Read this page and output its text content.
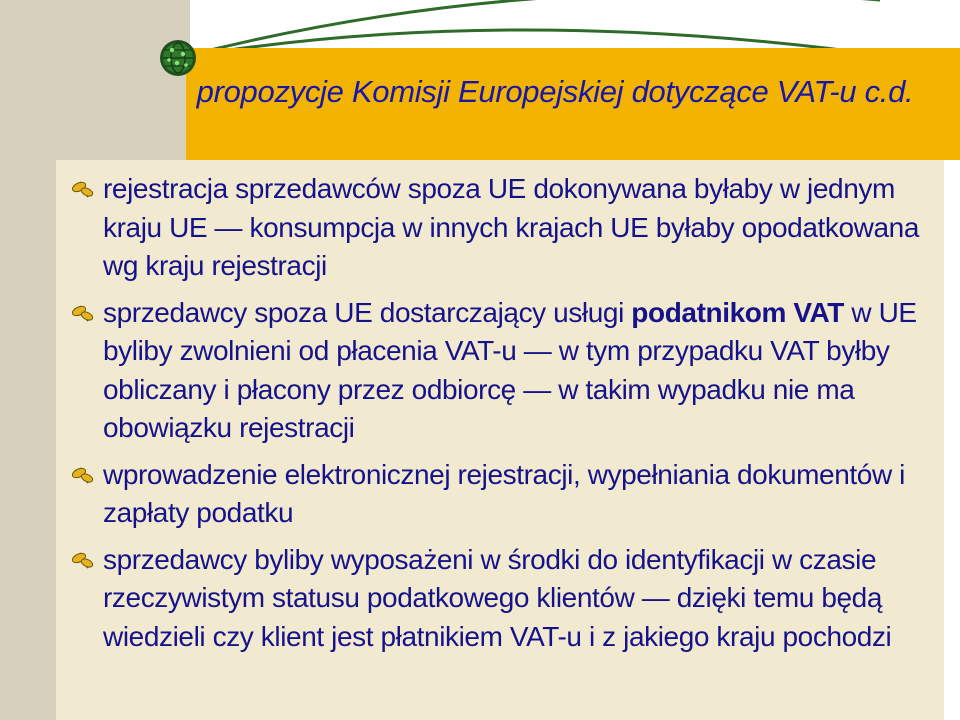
propozycje Komisji Europejskiej dotyczące VAT-u c.d.
rejestracja sprzedawców spoza UE dokonywana byłaby w jednym kraju UE — konsumpcja w innych krajach UE byłaby opodatkowana wg kraju rejestracji
sprzedawcy spoza UE dostarczający usługi podatnikom VAT w UE byliby zwolnieni od płacenia VAT-u — w tym przypadku VAT byłby obliczany i płacony przez odbiorcę — w takim wypadku nie ma obowiązku rejestracji
wprowadzenie elektronicznej rejestracji, wypełniania dokumentów i zapłaty podatku
sprzedawcy byliby wyposażeni w środki do identyfikacji w czasie rzeczywistym statusu podatkowego klientów — dzięki temu będą wiedzieli czy klient jest płatnikiem VAT-u i z jakiego kraju pochodzi
